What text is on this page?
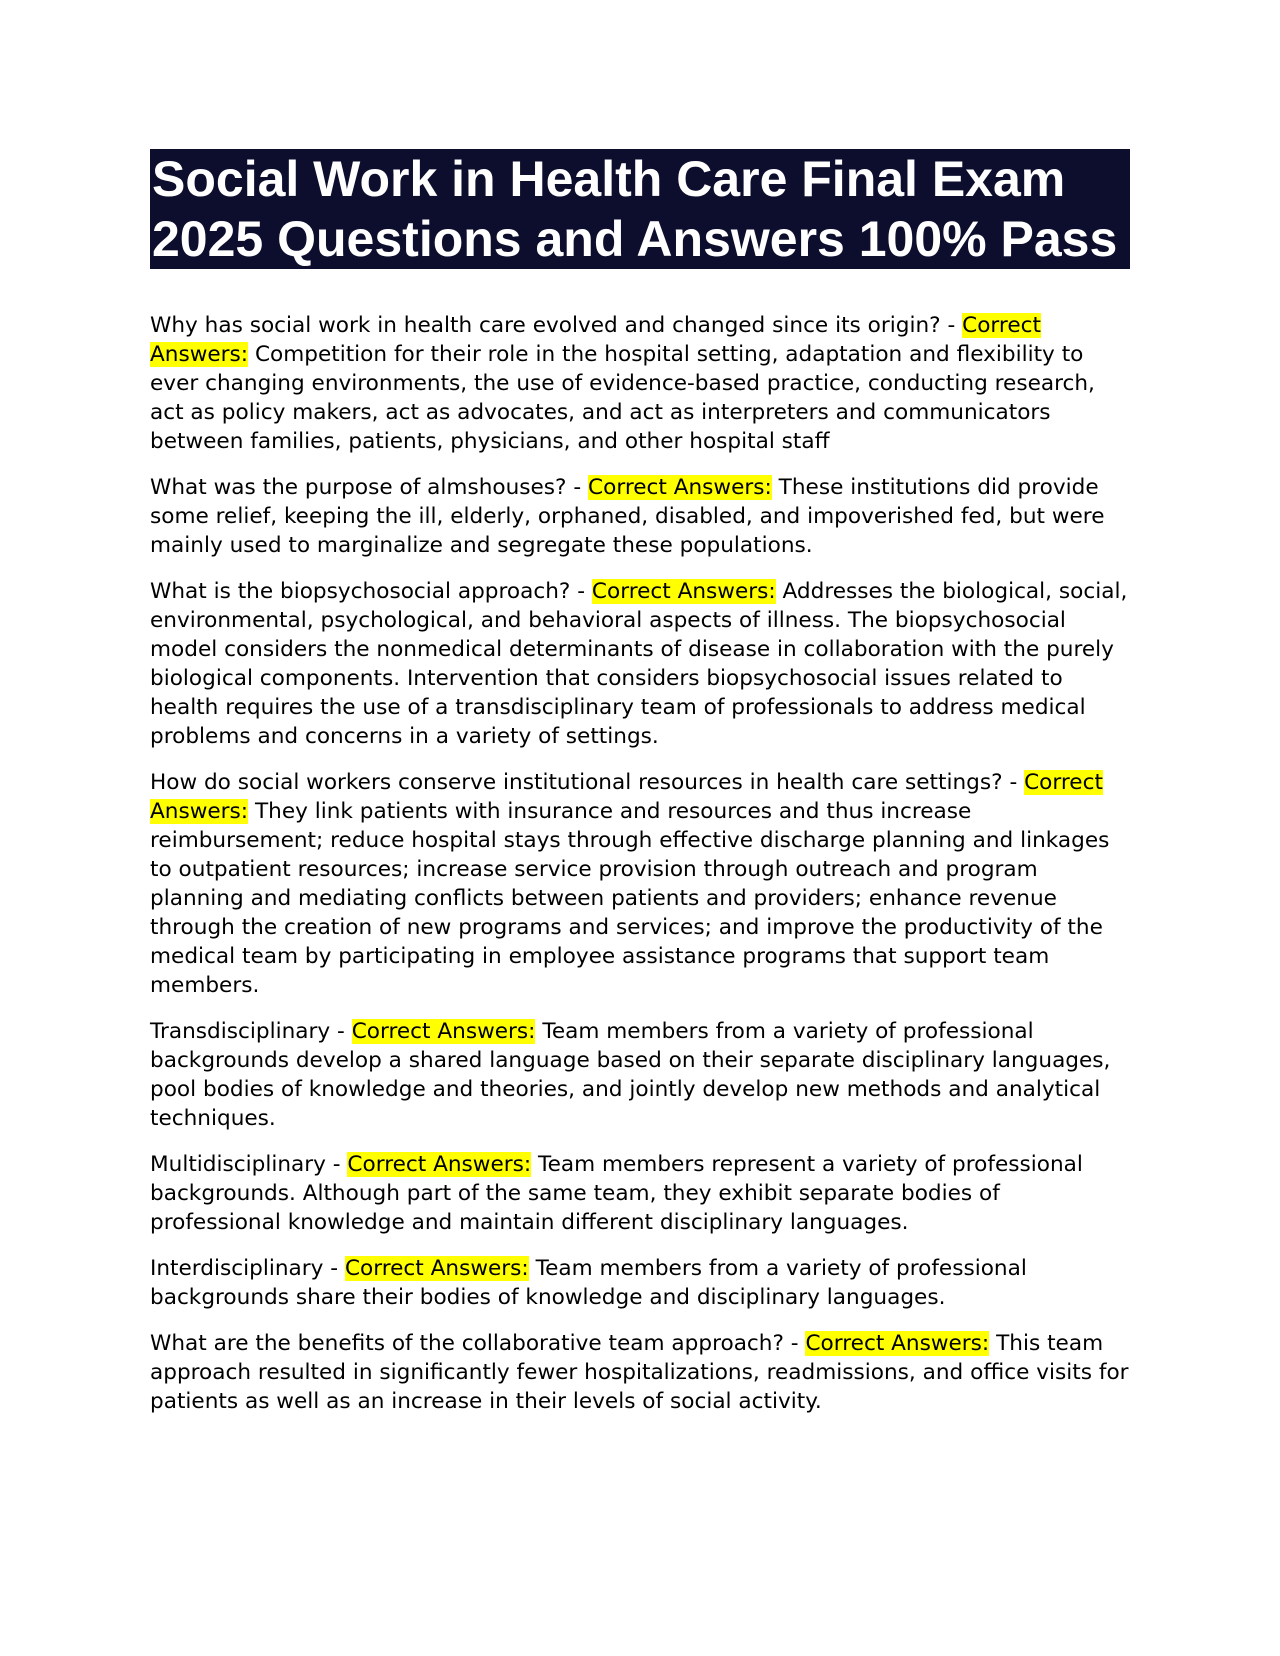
Social Work in Health Care Final Exam 2025 Questions and Answers 100% Pass

Why has social work in health care evolved and changed since its origin? - Correct Answers: Competition for their role in the hospital setting, adaptation and flexibility to ever changing environments, the use of evidence-based practice, conducting research, act as policy makers, act as advocates, and act as interpreters and communicators between families, patients, physicians, and other hospital staff

What was the purpose of almshouses? - Correct Answers: These institutions did provide some relief, keeping the ill, elderly, orphaned, disabled, and impoverished fed, but were mainly used to marginalize and segregate these populations.

What is the biopsychosocial approach? - Correct Answers: Addresses the biological, social, environmental, psychological, and behavioral aspects of illness. The biopsychosocial model considers the nonmedical determinants of disease in collaboration with the purely biological components. Intervention that considers biopsychosocial issues related to health requires the use of a transdisciplinary team of professionals to address medical problems and concerns in a variety of settings.

How do social workers conserve institutional resources in health care settings? - Correct Answers: They link patients with insurance and resources and thus increase reimbursement; reduce hospital stays through effective discharge planning and linkages to outpatient resources; increase service provision through outreach and program planning and mediating conflicts between patients and providers; enhance revenue through the creation of new programs and services; and improve the productivity of the medical team by participating in employee assistance programs that support team members.

Transdisciplinary - Correct Answers: Team members from a variety of professional backgrounds develop a shared language based on their separate disciplinary languages, pool bodies of knowledge and theories, and jointly develop new methods and analytical techniques.

Multidisciplinary - Correct Answers: Team members represent a variety of professional backgrounds. Although part of the same team, they exhibit separate bodies of professional knowledge and maintain different disciplinary languages.

Interdisciplinary - Correct Answers: Team members from a variety of professional backgrounds share their bodies of knowledge and disciplinary languages.

What are the benefits of the collaborative team approach? - Correct Answers: This team approach resulted in significantly fewer hospitalizations, readmissions, and office visits for patients as well as an increase in their levels of social activity.
